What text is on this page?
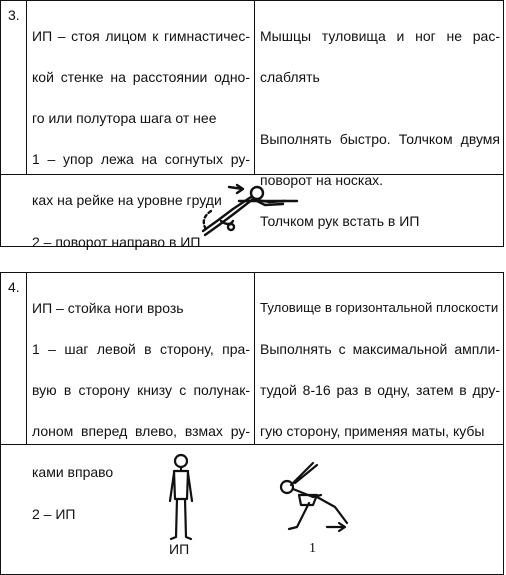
3.

ИП – стоя лицом к гимнастичес-

кой стенке на расстоянии одно-

го или полутора шага от нее

1 – упор лежа на согнутых ру-

ках на рейке на уровне груди

2 – поворот направо в ИП

Мышцы туловища и ног не рас-

слаблять

Выполнять быстро. Толчком двумя

поворот на носках.

Толчком рук встать в ИП

4.

ИП – стойка ноги врозь

1 – шаг левой в сторону, пра-

вую в сторону книзу с полунак-

лоном вперед влево, взмах ру-

ками вправо

2 – ИП

Туловище в горизонтальной плоскости

Выполнять с максимальной ампли-

тудой 8-16 раз в одну, затем в дру-

гую сторону, применяя маты, кубы

ИП	1
